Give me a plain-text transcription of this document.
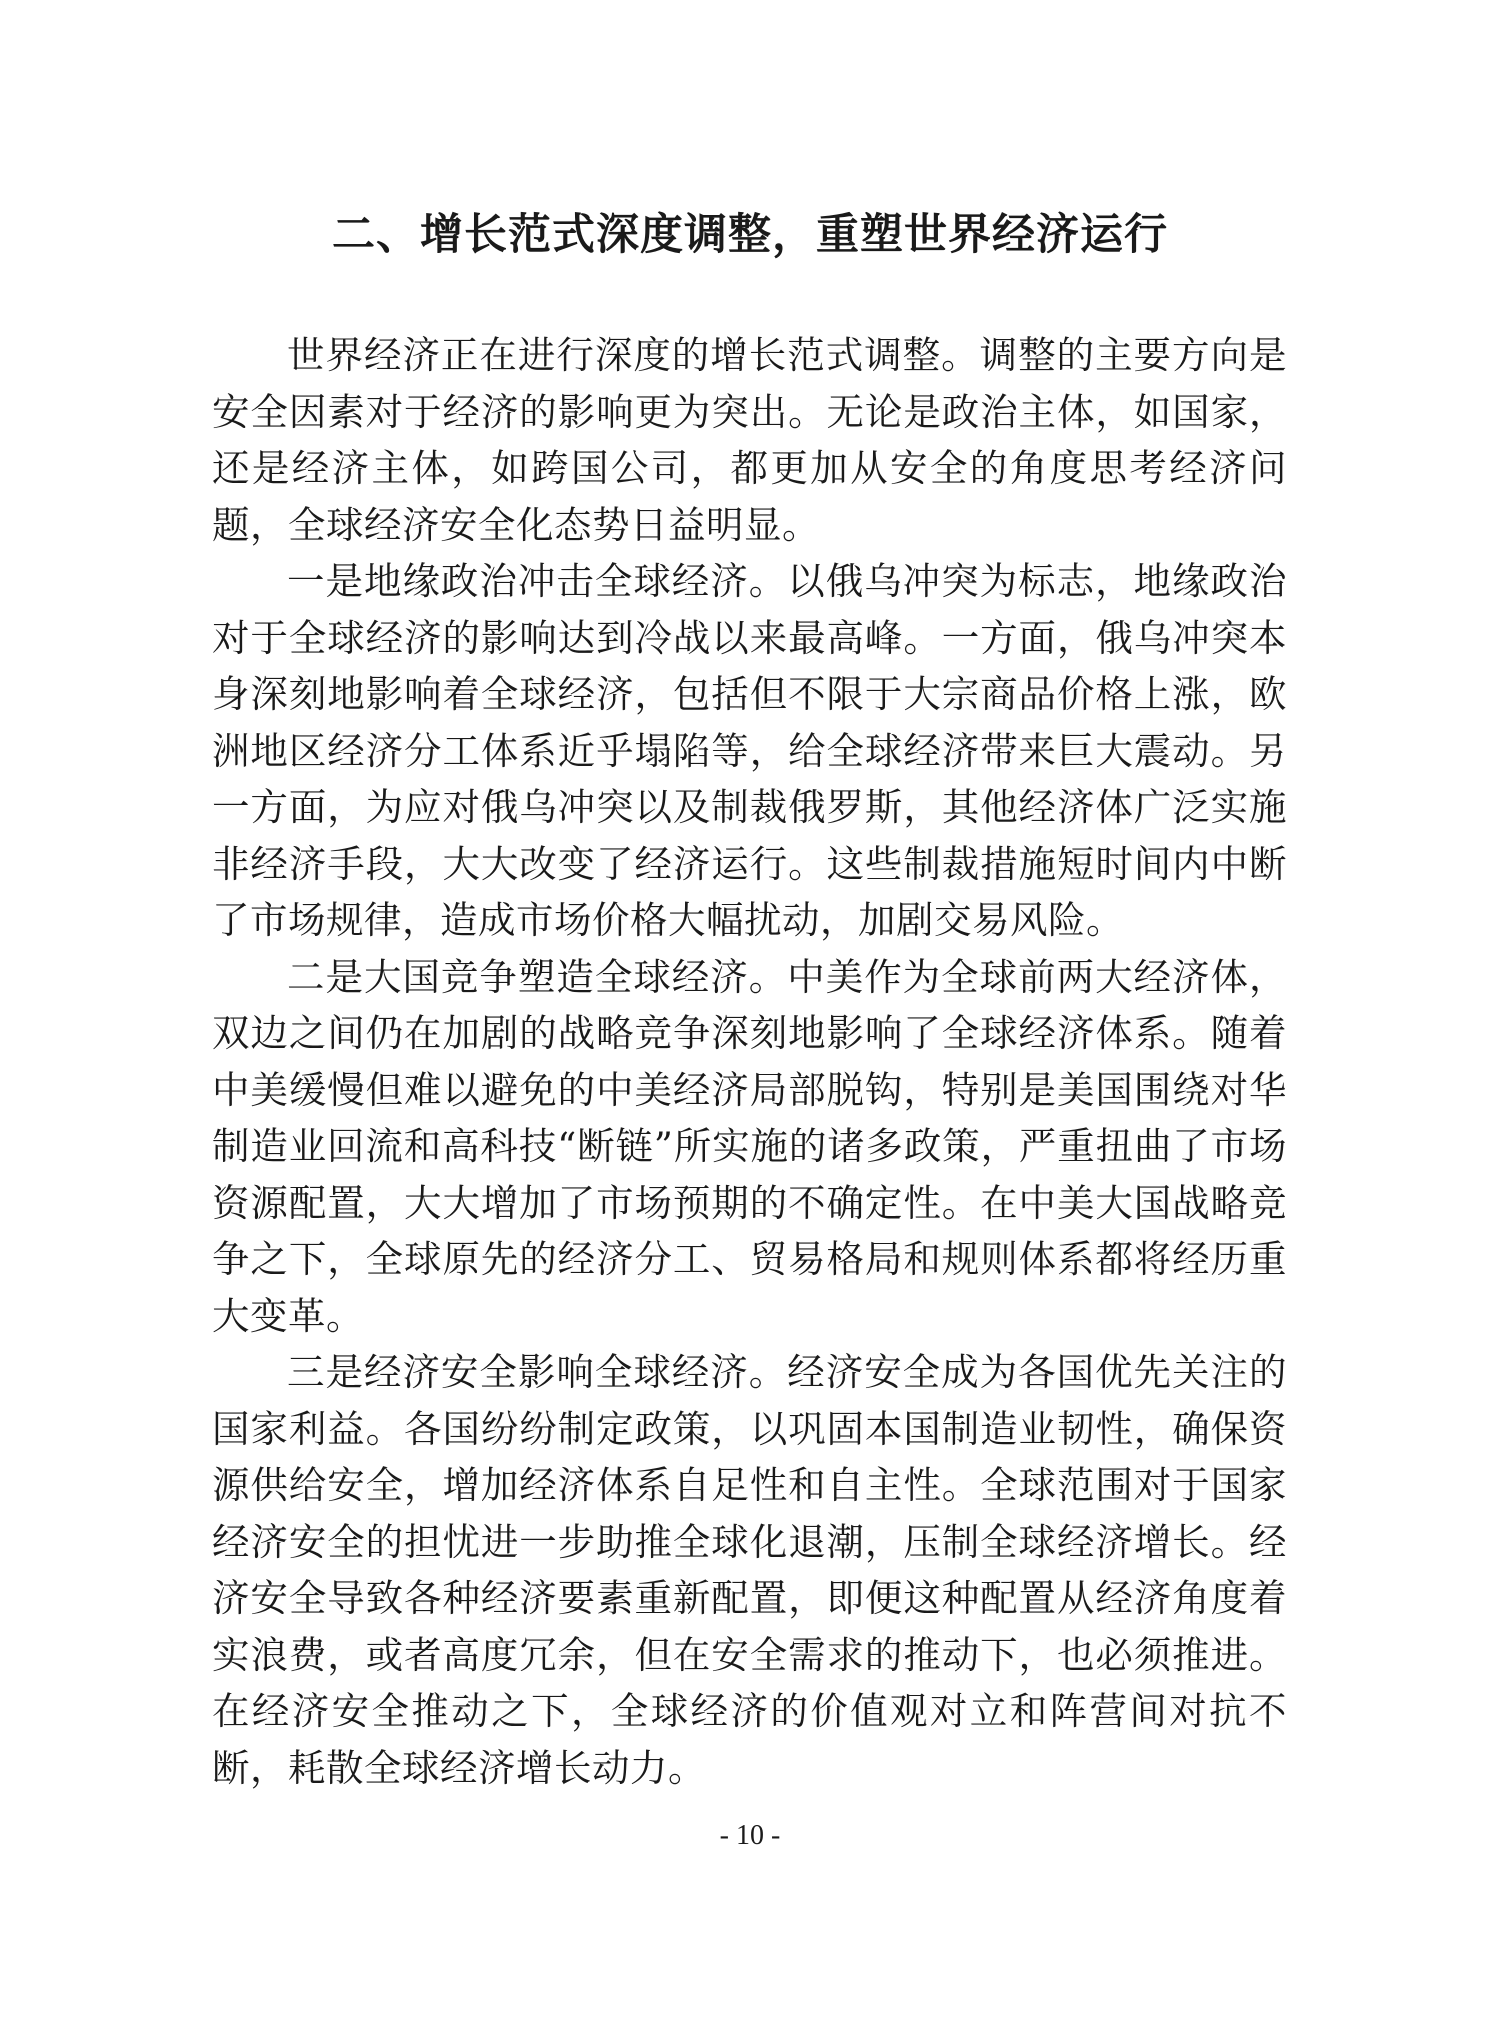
二、增长范式深度调整，重塑世界经济运行

世界经济正在进行深度的增长范式调整。调整的主要方向是安全因素对于经济的影响更为突出。无论是政治主体，如国家，还是经济主体，如跨国公司，都更加从安全的角度思考经济问题，全球经济安全化态势日益明显。

一是地缘政治冲击全球经济。以俄乌冲突为标志，地缘政治对于全球经济的影响达到冷战以来最高峰。一方面，俄乌冲突本身深刻地影响着全球经济，包括但不限于大宗商品价格上涨，欧洲地区经济分工体系近乎塌陷等，给全球经济带来巨大震动。另一方面，为应对俄乌冲突以及制裁俄罗斯，其他经济体广泛实施非经济手段，大大改变了经济运行。这些制裁措施短时间内中断了市场规律，造成市场价格大幅扰动，加剧交易风险。

二是大国竞争塑造全球经济。中美作为全球前两大经济体，双边之间仍在加剧的战略竞争深刻地影响了全球经济体系。随着中美缓慢但难以避免的中美经济局部脱钩，特别是美国围绕对华制造业回流和高科技“断链”所实施的诸多政策，严重扭曲了市场资源配置，大大增加了市场预期的不确定性。在中美大国战略竞争之下，全球原先的经济分工、贸易格局和规则体系都将经历重大变革。

三是经济安全影响全球经济。经济安全成为各国优先关注的国家利益。各国纷纷制定政策，以巩固本国制造业韧性，确保资源供给安全，增加经济体系自足性和自主性。全球范围对于国家经济安全的担忧进一步助推全球化退潮，压制全球经济增长。经济安全导致各种经济要素重新配置，即便这种配置从经济角度着实浪费，或者高度冗余，但在安全需求的推动下，也必须推进。在经济安全推动之下，全球经济的价值观对立和阵营间对抗不断，耗散全球经济增长动力。

- 10 -
